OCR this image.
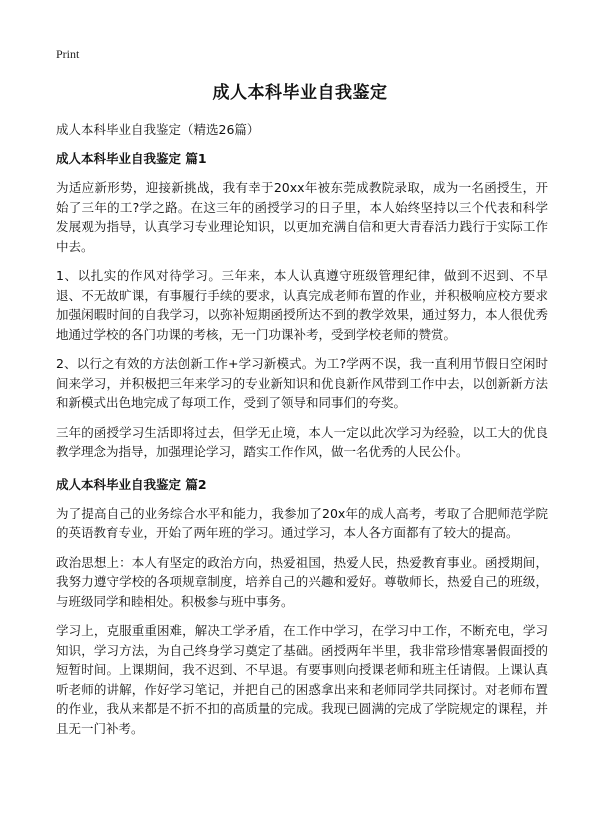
Print
成人本科毕业自我鉴定

成人本科毕业自我鉴定（精选26篇）

成人本科毕业自我鉴定 篇1

为适应新形势，迎接新挑战，我有幸于20xx年被东莞成教院录取，成为一名函授生，开始了三年的工?学之路。在这三年的函授学习的日子里，本人始终坚持以三个代表和科学发展观为指导，认真学习专业理论知识，以更加充满自信和更大青春活力践行于实际工作中去。

1、以扎实的作风对待学习。三年来，本人认真遵守班级管理纪律，做到不迟到、不早退、不无故旷课，有事履行手续的要求，认真完成老师布置的作业，并积极响应校方要求加强闲暇时间的自我学习，以弥补短期函授所达不到的教学效果，通过努力，本人很优秀地通过学校的各门功课的考核，无一门功课补考，受到学校老师的赞赏。

2、以行之有效的方法创新工作+学习新模式。为工?学两不误，我一直利用节假日空闲时间来学习，并积极把三年来学习的专业新知识和优良新作风带到工作中去，以创新新方法和新模式出色地完成了每项工作，受到了领导和同事们的夸奖。

三年的函授学习生活即将过去，但学无止境，本人一定以此次学习为经验，以工大的优良教学理念为指导，加强理论学习，踏实工作作风，做一名优秀的人民公仆。

成人本科毕业自我鉴定 篇2

为了提高自己的业务综合水平和能力，我参加了20x年的成人高考，考取了合肥师范学院的英语教育专业，开始了两年班的学习。通过学习，本人各方面都有了较大的提高。

政治思想上：本人有坚定的政治方向，热爱祖国，热爱人民，热爱教育事业。函授期间，我努力遵守学校的各项规章制度，培养自己的兴趣和爱好。尊敬师长，热爱自己的班级，与班级同学和睦相处。积极参与班中事务。

学习上，克服重重困难，解决工学矛盾，在工作中学习，在学习中工作，不断充电，学习知识，学习方法，为自己终身学习奠定了基础。函授两年半里，我非常珍惜寒暑假面授的短暂时间。上课期间，我不迟到、不早退。有要事则向授课老师和班主任请假。上课认真听老师的讲解，作好学习笔记，并把自己的困惑拿出来和老师同学共同探讨。对老师布置的作业，我从来都是不折不扣的高质量的完成。我现已圆满的完成了学院规定的课程，并且无一门补考。
